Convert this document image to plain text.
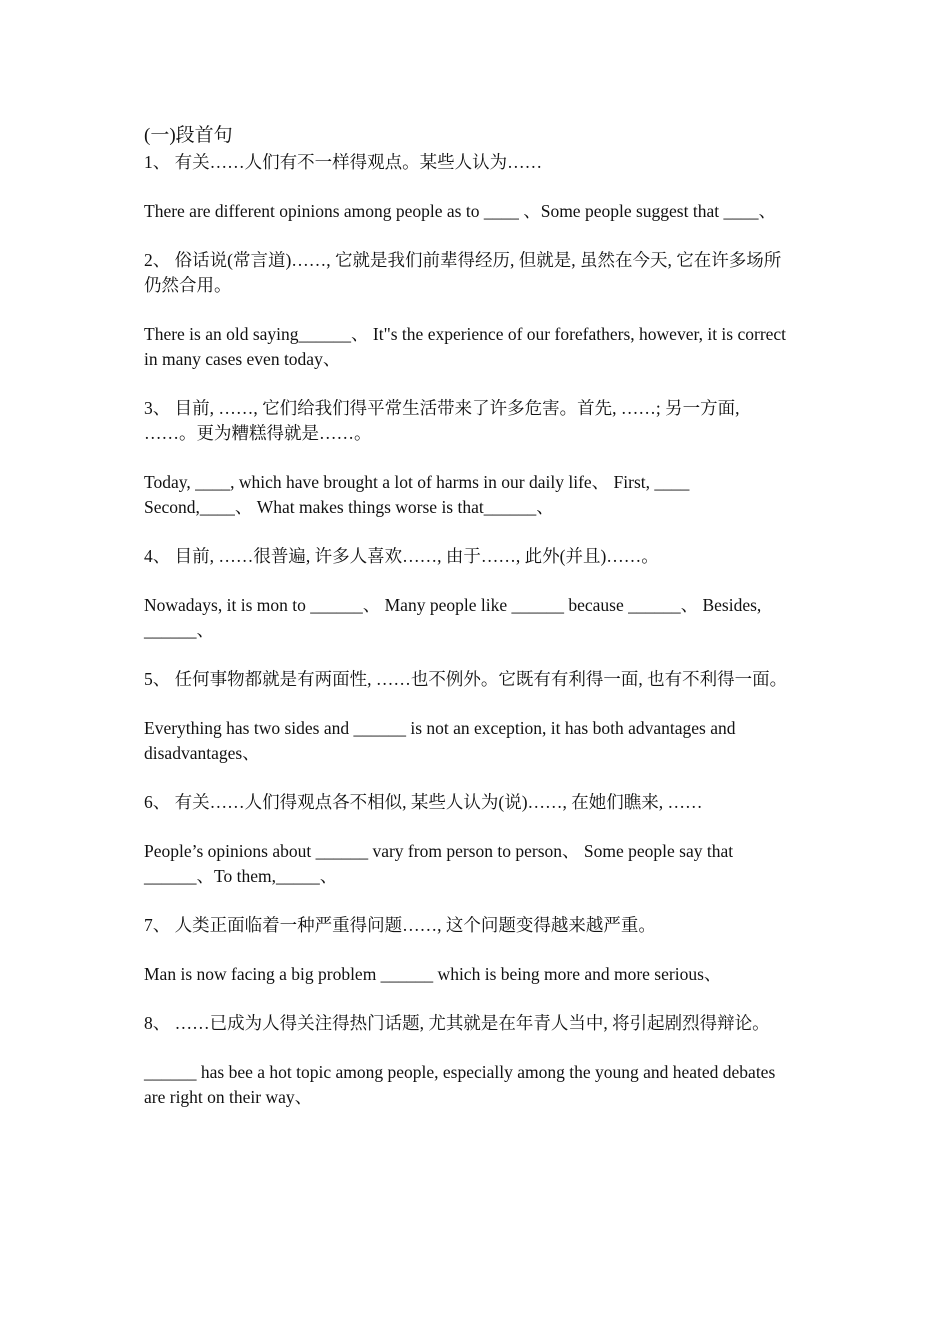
(一)段首句

1、 有关……人们有不一样得观点。某些人认为……

There are different opinions among people as to ____ 、Some people suggest that ____、

2、 俗话说(常言道)……, 它就是我们前辈得经历, 但就是, 虽然在今天, 它在许多场所仍然合用。

There is an old saying______、 It"s the experience of our forefathers, however, it is correct in many cases even today、

3、 目前, ……, 它们给我们得平常生活带来了许多危害。首先, ……; 另一方面, ……。更为糟糕得就是……。

Today, ____, which have brought a lot of harms in our daily life、 First, ____ Second,____、 What makes things worse is that______、

4、 目前, ……很普遍, 许多人喜欢……, 由于……, 此外(并且)……。

Nowadays, it is mon to ______、 Many people like ______ because ______、 Besides, ______、

5、 任何事物都就是有两面性, ……也不例外。它既有有利得一面, 也有不利得一面。

Everything has two sides and ______ is not an exception, it has both advantages and disadvantages、

6、 有关……人们得观点各不相似, 某些人认为(说)……, 在她们瞧来, ……

People’s opinions about ______ vary from person to person、 Some people say that ______、To them,_____、

7、 人类正面临着一种严重得问题……, 这个问题变得越来越严重。

Man is now facing a big problem ______ which is being more and more serious、

8、 ……已成为人得关注得热门话题, 尤其就是在年青人当中, 将引起剧烈得辩论。

______ has bee a hot topic among people, especially among the young and heated debates are right on their way、
